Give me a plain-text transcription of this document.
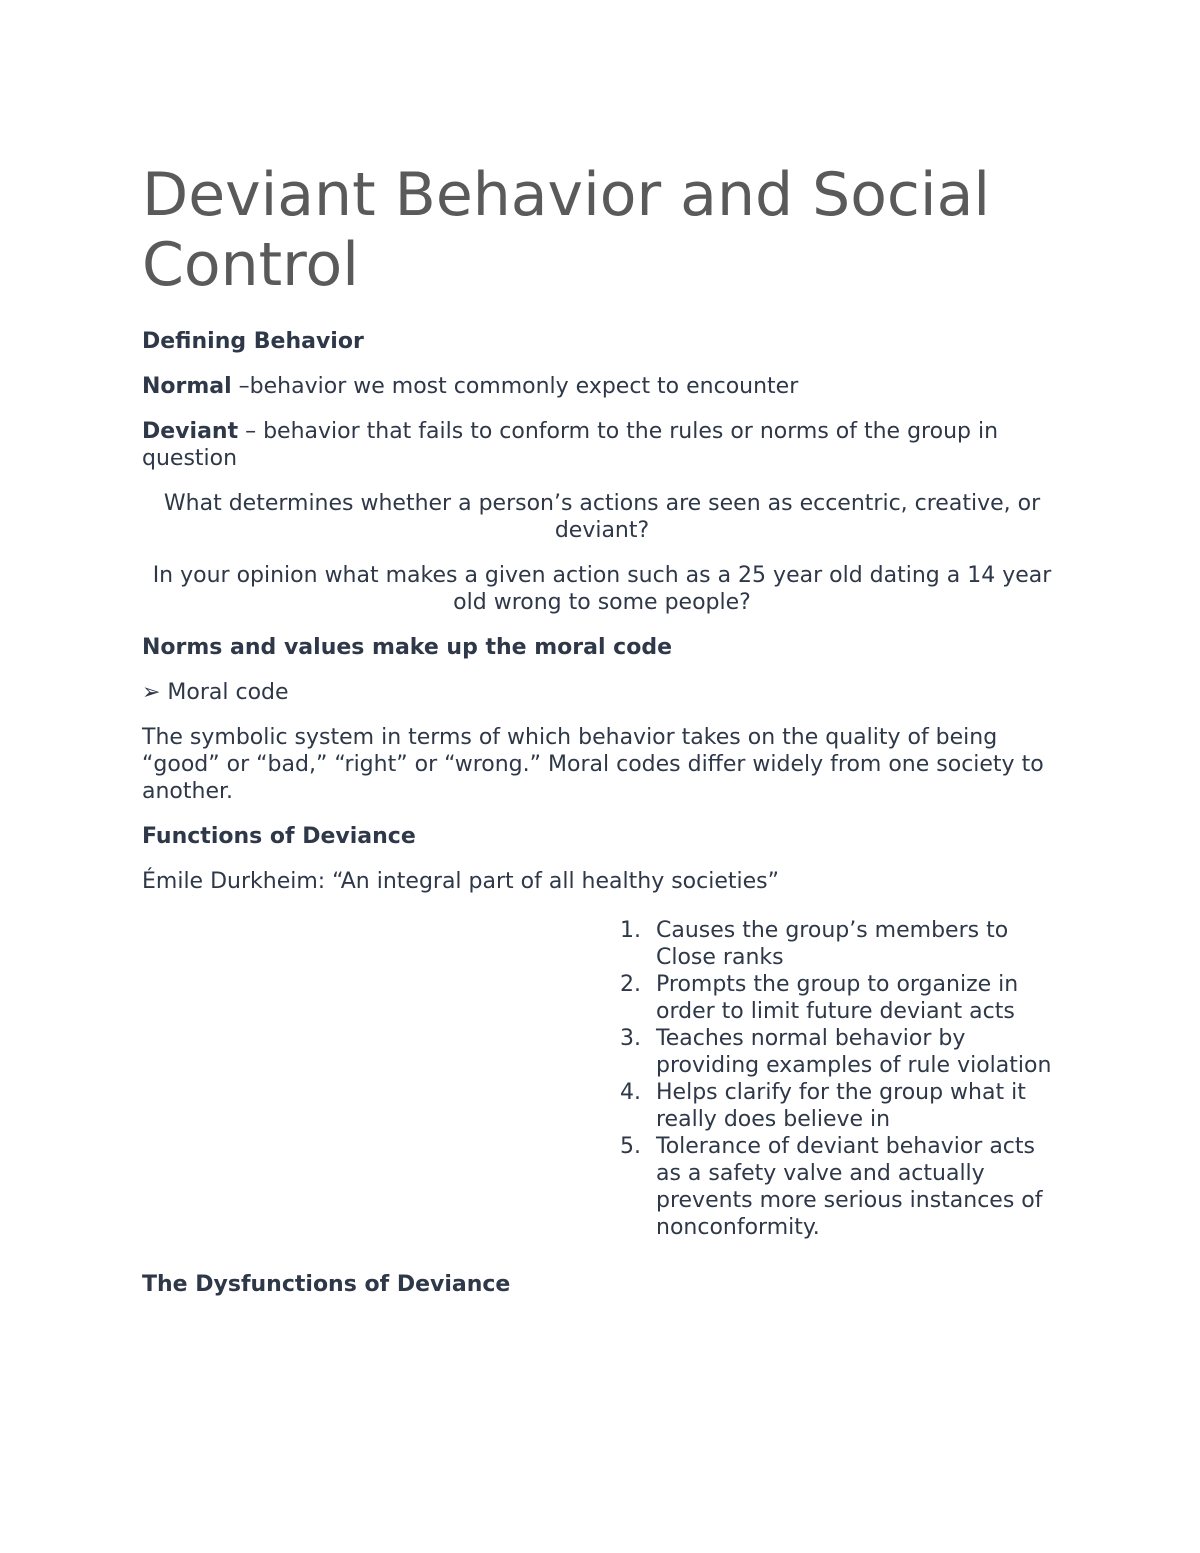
Deviant Behavior and Social Control
Defining Behavior
Normal –behavior we most commonly expect to encounter
Deviant – behavior that fails to conform to the rules or norms of the group in question
What determines whether a person’s actions are seen as eccentric, creative, or deviant?
In your opinion what makes a given action such as a 25 year old dating a 14 year old wrong to some people?
Norms and values make up the moral code
➢ Moral code
The symbolic system in terms of which behavior takes on the quality of being “good” or “bad,” “right” or “wrong.” Moral codes differ widely from one society to another.
Functions of Deviance
Émile Durkheim: “An integral part of all healthy societies”
1. Causes the group’s members to Close ranks
2. Prompts the group to organize in order to limit future deviant acts
3. Teaches normal behavior by providing examples of rule violation
4. Helps clarify for the group what it really does believe in
5. Tolerance of deviant behavior acts as a safety valve and actually prevents more serious instances of nonconformity.
The Dysfunctions of Deviance
